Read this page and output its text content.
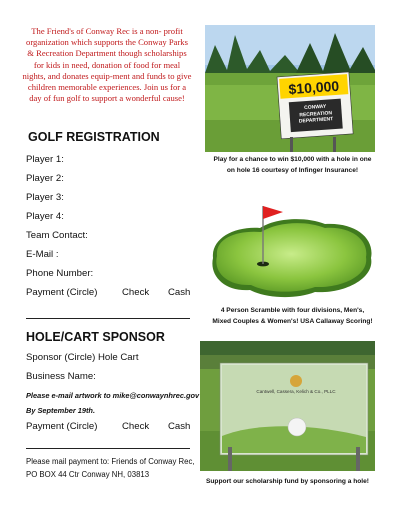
The Friend's of Conway Rec is a non- profit organization which supports the Conway Parks & Recreation Department though scholarships for kids in need, donation of food for meal nights, and donates equip-ment and funds to give children memorable experiences. Join us for a day of fun golf to support a wonderful cause!
GOLF REGISTRATION
Player 1:
Player 2:
Player 3:
Player 4:
Team Contact:
E-Mail :
Phone Number:
Payment (Circle)	Check Cash
HOLE/CART SPONSOR
Sponsor (Circle) Hole Cart
Business Name:
Please e-mail artwork to mike@conwaynhrec.gov
By September 19th.
Payment (Circle)	Check Cash
Please mail payment to: Friends of Conway Rec,
PO BOX 44 Ctr Conway NH, 03813
$10,000
CONWAY RECREATION DEPARTMENT
Play for a chance to win $10,000 with a hole in one
on hole 16 courtesy of Infinger Insurance!
4 Person Scramble with four divisions, Men's,
Mixed Couples & Women's! USA Callaway Scoring!
Cantwell, Cassera, Kelich & Co., PLLC
Support our scholarship fund by sponsoring a hole!
